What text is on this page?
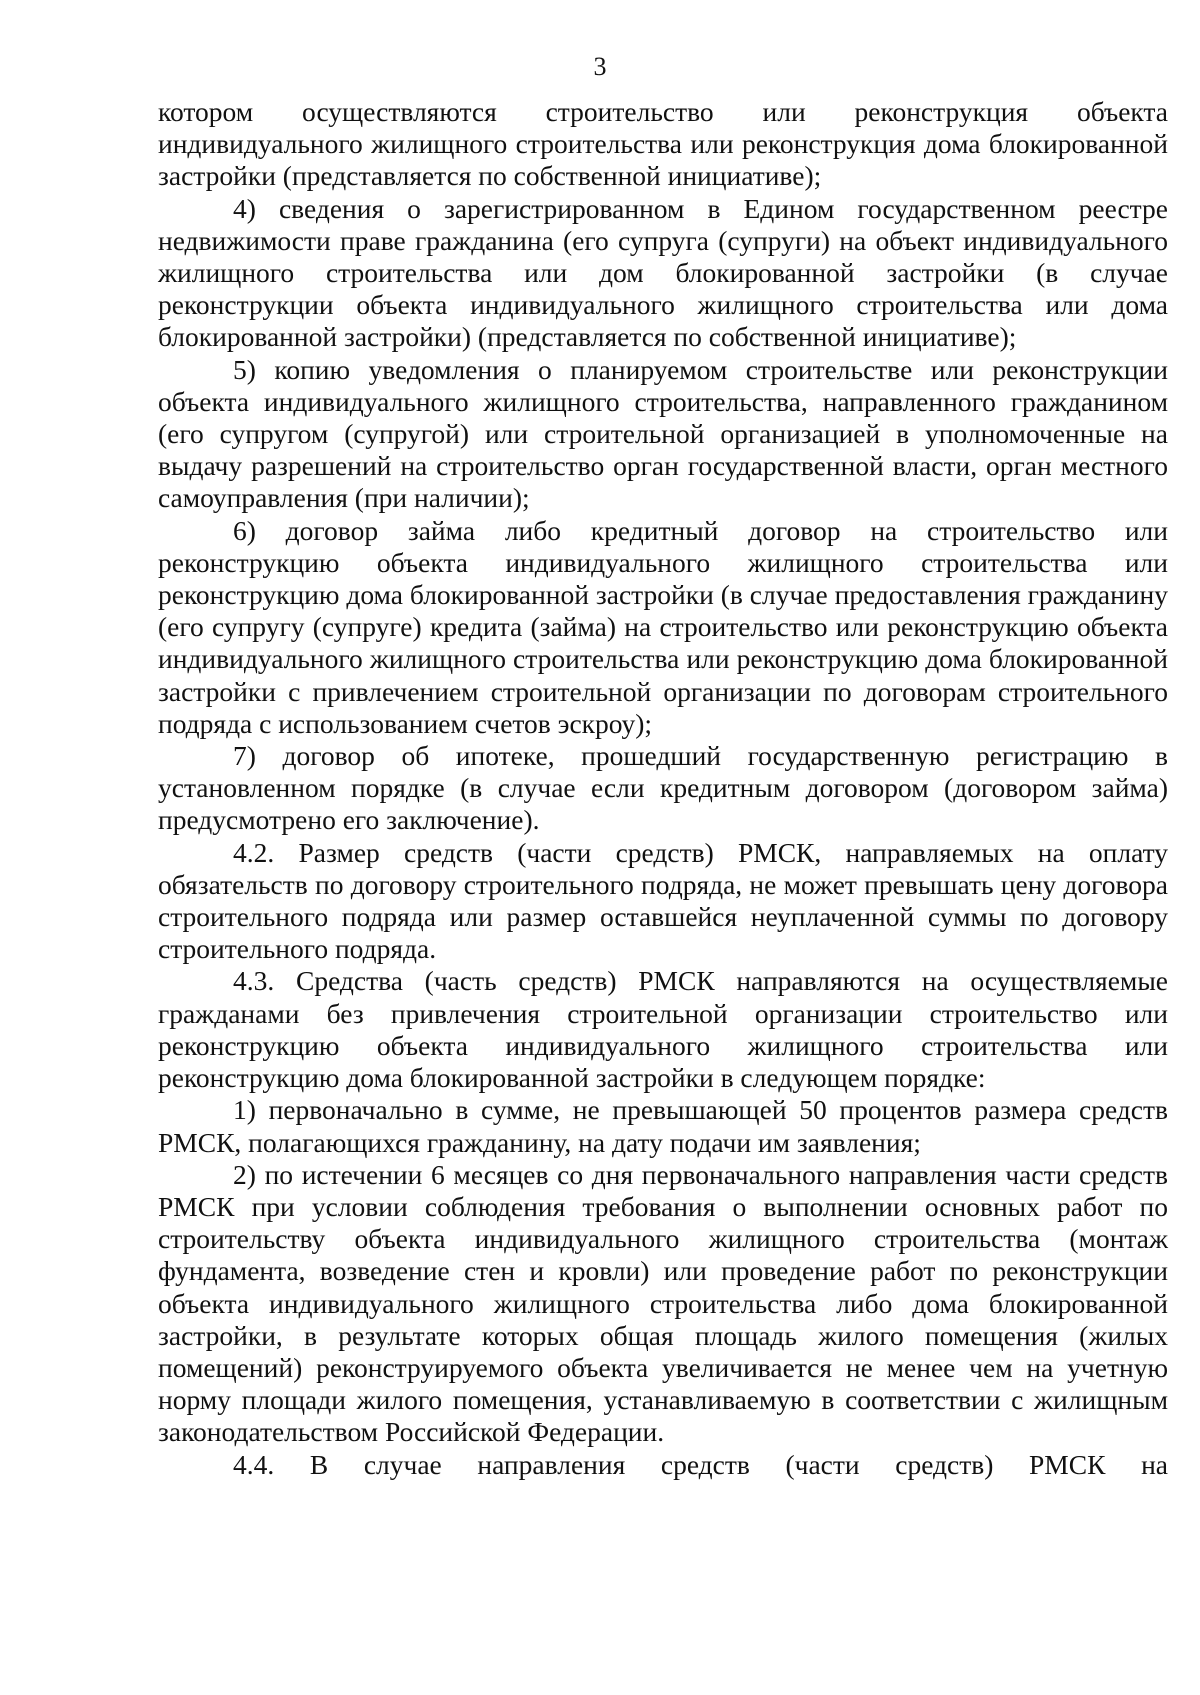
3

котором осуществляются строительство или реконструкция объекта индивидуального жилищного строительства или реконструкция дома блокированной застройки (представляется по собственной инициативе);

4) сведения о зарегистрированном в Едином государственном реестре недвижимости праве гражданина (его супруга (супруги) на объект индивидуального жилищного строительства или дом блокированной застройки (в случае реконструкции объекта индивидуального жилищного строительства или дома блокированной застройки) (представляется по собственной инициативе);

5) копию уведомления о планируемом строительстве или реконструкции объекта индивидуального жилищного строительства, направленного гражданином (его супругом (супругой) или строительной организацией в уполномоченные на выдачу разрешений на строительство орган государственной власти, орган местного самоуправления (при наличии);

6) договор займа либо кредитный договор на строительство или реконструкцию объекта индивидуального жилищного строительства или реконструкцию дома блокированной застройки (в случае предоставления гражданину (его супругу (супруге) кредита (займа) на строительство или реконструкцию объекта индивидуального жилищного строительства или реконструкцию дома блокированной застройки с привлечением строительной организации по договорам строительного подряда с использованием счетов эскроу);

7) договор об ипотеке, прошедший государственную регистрацию в установленном порядке (в случае если кредитным договором (договором займа) предусмотрено его заключение).

4.2. Размер средств (части средств) РМСК, направляемых на оплату обязательств по договору строительного подряда, не может превышать цену договора строительного подряда или размер оставшейся неуплаченной суммы по договору строительного подряда.

4.3. Средства (часть средств) РМСК направляются на осуществляемые гражданами без привлечения строительной организации строительство или реконструкцию объекта индивидуального жилищного строительства или реконструкцию дома блокированной застройки в следующем порядке:

1) первоначально в сумме, не превышающей 50 процентов размера средств РМСК, полагающихся гражданину, на дату подачи им заявления;

2) по истечении 6 месяцев со дня первоначального направления части средств РМСК при условии соблюдения требования о выполнении основных работ по строительству объекта индивидуального жилищного строительства (монтаж фундамента, возведение стен и кровли) или проведение работ по реконструкции объекта индивидуального жилищного строительства либо дома блокированной застройки, в результате которых общая площадь жилого помещения (жилых помещений) реконструируемого объекта увеличивается не менее чем на учетную норму площади жилого помещения, устанавливаемую в соответствии с жилищным законодательством Российской Федерации.

4.4. В случае направления средств (части средств) РМСК на
